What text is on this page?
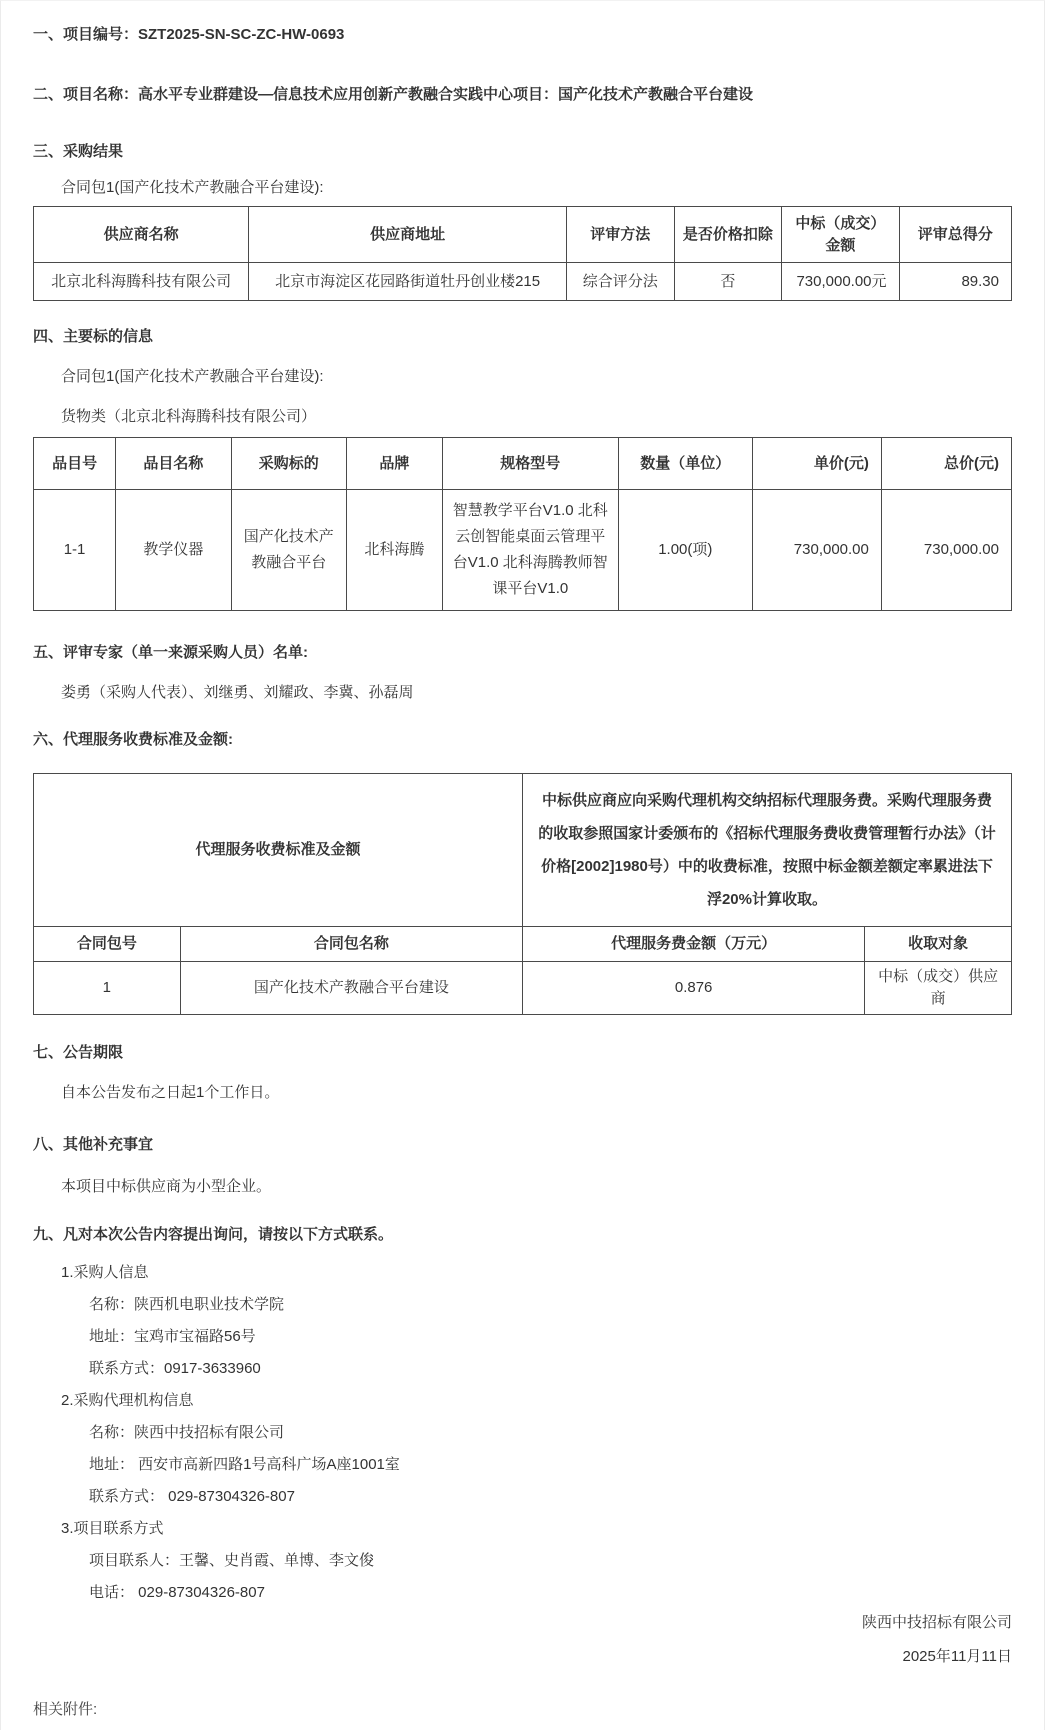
一、项目编号：SZT2025-SN-SC-ZC-HW-0693
二、项目名称：高水平专业群建设—信息技术应用创新产教融合实践中心项目：国产化技术产教融合平台建设
三、采购结果
合同包1(国产化技术产教融合平台建设):
供应商名称	供应商地址	评审方法	是否价格扣除	中标（成交）金额	评审总得分
北京北科海腾科技有限公司	北京市海淀区花园路街道牡丹创业楼215	综合评分法	否	730,000.00元	89.30
四、主要标的信息
合同包1(国产化技术产教融合平台建设):
货物类（北京北科海腾科技有限公司）
品目号	品目名称	采购标的	品牌	规格型号	数量（单位）	单价(元)	总价(元)
1-1	教学仪器	国产化技术产教融合平台	北科海腾	智慧教学平台V1.0 北科云创智能桌面云管理平台V1.0 北科海腾教师智课平台V1.0	1.00(项)	730,000.00	730,000.00
五、评审专家（单一来源采购人员）名单:
娄勇（采购人代表）、刘继勇、刘耀政、李冀、孙磊周
六、代理服务收费标准及金额:
代理服务收费标准及金额		中标供应商应向采购代理机构交纳招标代理服务费。采购代理服务费的收取参照国家计委颁布的《招标代理服务费收费管理暂行办法》（计价格[2002]1980号）中的收费标准，按照中标金额差额定率累进法下浮20%计算收取。	
合同包号	合同包名称	代理服务费金额（万元）	收取对象
1	国产化技术产教融合平台建设	0.876	中标（成交）供应商
七、公告期限
自本公告发布之日起1个工作日。
八、其他补充事宜
本项目中标供应商为小型企业。
九、凡对本次公告内容提出询问，请按以下方式联系。
1.采购人信息
名称：陕西机电职业技术学院
地址：宝鸡市宝福路56号
联系方式：0917-3633960
2.采购代理机构信息
名称：陕西中技招标有限公司
地址： 西安市高新四路1号高科广场A座1001室
联系方式： 029-87304326-807
3.项目联系方式
项目联系人：王馨、史肖霞、单博、李文俊
电话： 029-87304326-807
陕西中技招标有限公司
2025年11月11日
相关附件:
